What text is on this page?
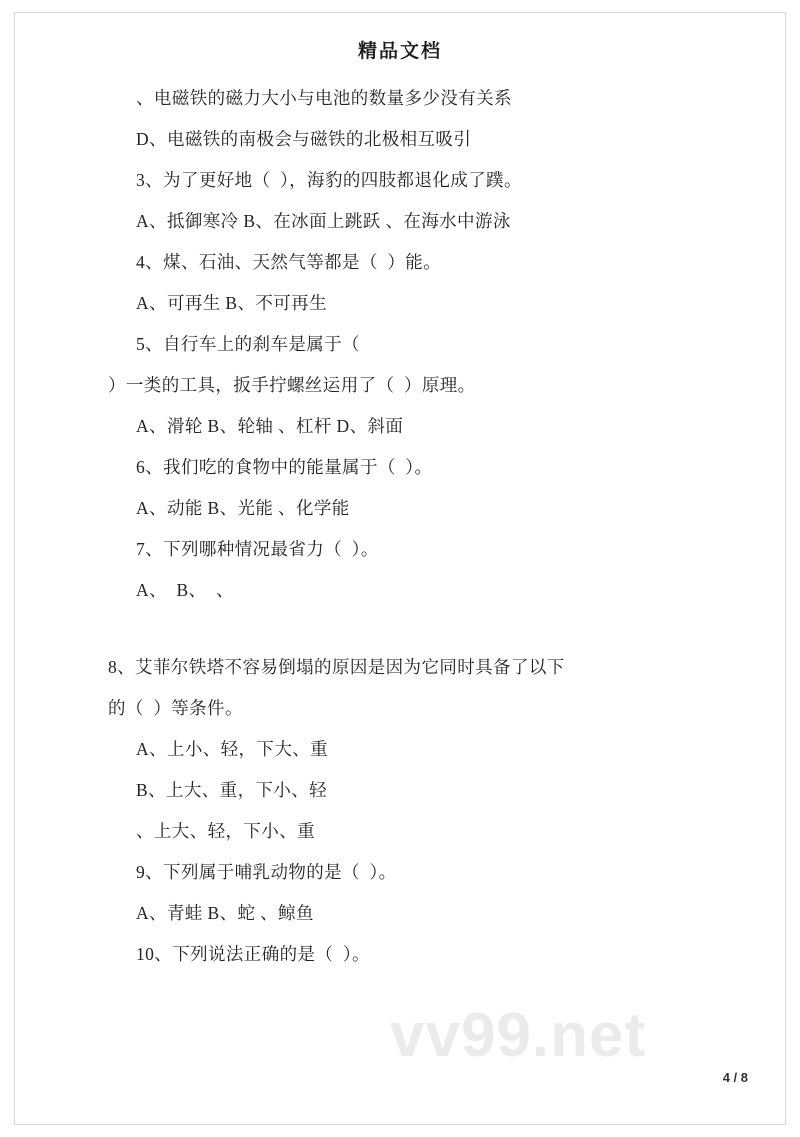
精品文档
、电磁铁的磁力大小与电池的数量多少没有关系
D、电磁铁的南极会与磁铁的北极相互吸引
3、为了更好地（  ），海豹的四肢都退化成了蹼。
A、抵御寒冷 B、在冰面上跳跃 、在海水中游泳
4、煤、石油、天然气等都是（  ）能。
A、可再生 B、不可再生
5、自行车上的刹车是属于（
）一类的工具，扳手拧螺丝运用了（  ）原理。
A、滑轮 B、轮轴 、杠杆 D、斜面
6、我们吃的食物中的能量属于（  ）。
A、动能 B、光能 、化学能
7、下列哪种情况最省力（  ）。
A、  B、  、
8、艾菲尔铁塔不容易倒塌的原因是因为它同时具备了以下
的（  ）等条件。
A、上小、轻，下大、重
B、上大、重，下小、轻
、上大、轻，下小、重
9、下列属于哺乳动物的是（  ）。
A、青蛙 B、蛇 、鲸鱼
10、下列说法正确的是（  ）。
vv99.net
4 / 8
